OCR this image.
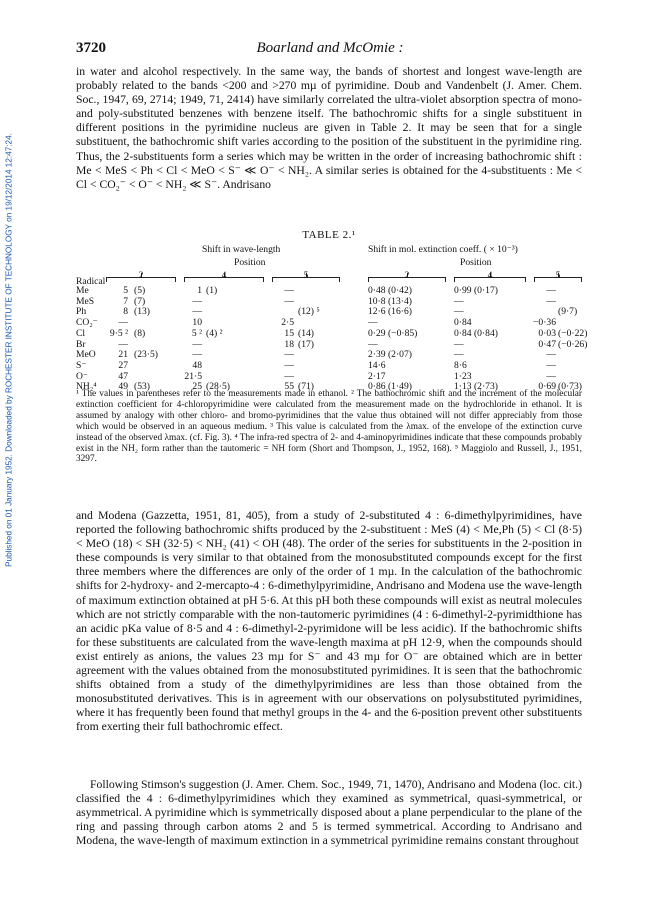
Published on 01 January 1952. Downloaded by ROCHESTER INSTITUTE OF TECHNOLOGY on 19/12/2014 12:47:24.
3720	Boarland and McOmie :

in water and alcohol respectively. In the same way, the bands of shortest and longest wave-length are probably related to the bands <200 and >270 mµ of pyrimidine. Doub and Vandenbelt (J. Amer. Chem. Soc., 1947, 69, 2714; 1949, 71, 2414) have similarly correlated the ultra-violet absorption spectra of mono- and poly-substituted benzenes with benzene itself. The bathochromic shifts for a single substituent in different positions in the pyrimidine nucleus are given in Table 2. It may be seen that for a single substituent, the bathochromic shift varies according to the position of the substituent in the pyrimidine ring. Thus, the 2-substituents form a series which may be written in the order of increasing bathochromic shift : Me < MeS < Ph < Cl < MeO < S⁻ ≪ O⁻ < NH₂. A similar series is obtained for the 4-substituents : Me < Cl < CO₂⁻ < O⁻ < NH₂ ≪ S⁻. Andrisano

TABLE 2.¹
Shift in wave-length	Shift in mol. extinction coeff. ( × 10⁻³)
Position	Position
Radical
2	4	5	2	4	5
Me	5 (5)	1 (1)	—	0·48 (0·42)	0·99 (0·17)	—
MeS	7 (7)	—	—	10·8 (13·4)	—	—
Ph	8 (13)	—	(12) ⁵	12·6 (16·6)	—	(9·7)
CO₂⁻	—	10	2·5	—	0·84	−0·36
Cl	9·5 ² (8)	5 ² (4) ²	15 (14)	0·29 (−0·85)	0·84 (0·84)	0·03 (−0·22)
Br	—	—	18 (17)	—	—	0·47 (−0·26)
MeO	21 (23·5)	—	—	2·39 (2·07)	—	—
S⁻	27	48	—	14·6	8·6	—
O⁻	47	21·5	—	2·17	1·23	—
NH₂⁴	49 (53)	25 (28·5)	55 (71)	0·86 (1·49)	1·13 (2·73)	0·69 (0·73)

¹ The values in parentheses refer to the measurements made in ethanol. ² The bathochromic shift and the increment of the molecular extinction coefficient for 4-chloropyrimidine were calculated from the measurement made on the hydrochloride in ethanol. It is assumed by analogy with other chloro- and bromo-pyrimidines that the value thus obtained will not differ appreciably from those which would be observed in an aqueous medium. ³ This value is calculated from the λmax. of the envelope of the extinction curve instead of the observed λmax. (cf. Fig. 3). ⁴ The infra-red spectra of 2- and 4-aminopyrimidines indicate that these compounds probably exist in the NH₂ form rather than the tautomeric = NH form (Short and Thompson, J., 1952, 168). ⁵ Maggiolo and Russell, J., 1951, 3297.

and Modena (Gazzetta, 1951, 81, 405), from a study of 2-substituted 4 : 6-dimethylpyrimidines, have reported the following bathochromic shifts produced by the 2-substituent : MeS (4) < Me,Ph (5) < Cl (8·5) < MeO (18) < SH (32·5) < NH₂ (41) < OH (48). The order of the series for substituents in the 2-position in these compounds is very similar to that obtained from the monosubstituted compounds except for the first three members where the differences are only of the order of 1 mµ. In the calculation of the bathochromic shifts for 2-hydroxy- and 2-mercapto-4 : 6-dimethylpyrimidine, Andrisano and Modena use the wave-length of maximum extinction obtained at pH 5·6. At this pH both these compounds will exist as neutral molecules which are not strictly comparable with the non-tautomeric pyrimidines (4 : 6-dimethyl-2-pyrimidthione has an acidic pKa value of 8·5 and 4 : 6-dimethyl-2-pyrimidone will be less acidic). If the bathochromic shifts for these substituents are calculated from the wave-length maxima at pH 12·9, when the compounds should exist entirely as anions, the values 23 mµ for S⁻ and 43 mµ for O⁻ are obtained which are in better agreement with the values obtained from the monosubstituted pyrimidines. It is seen that the bathochromic shifts obtained from a study of the dimethylpyrimidines are less than those obtained from the monosubstituted derivatives. This is in agreement with our observations on polysubstituted pyrimidines, where it has frequently been found that methyl groups in the 4- and the 6-position prevent other substituents from exerting their full bathochromic effect.

Following Stimson's suggestion (J. Amer. Chem. Soc., 1949, 71, 1470), Andrisano and Modena (loc. cit.) classified the 4 : 6-dimethylpyrimidines which they examined as symmetrical, quasi-symmetrical, or asymmetrical. A pyrimidine which is symmetrically disposed about a plane perpendicular to the plane of the ring and passing through carbon atoms 2 and 5 is termed symmetrical. According to Andrisano and Modena, the wave-length of maximum extinction in a symmetrical pyrimidine remains constant throughout
